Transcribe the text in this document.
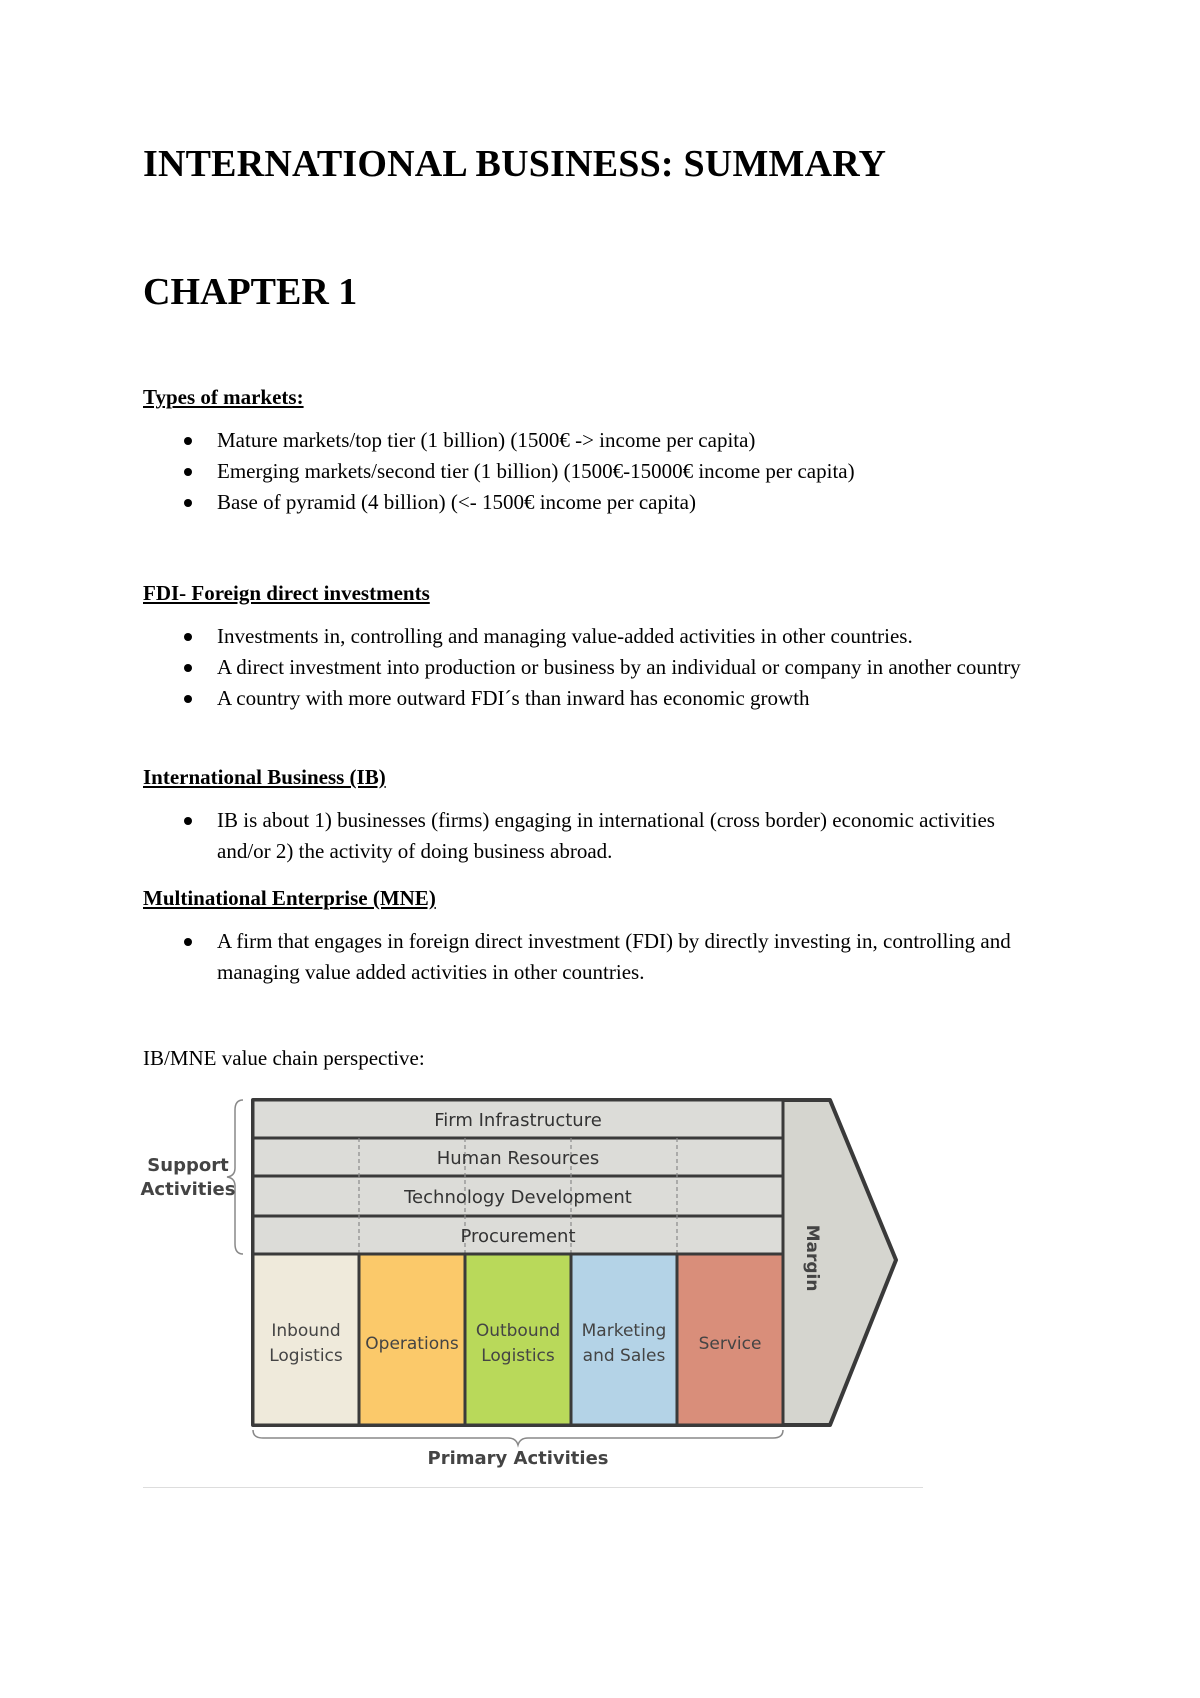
INTERNATIONAL BUSINESS: SUMMARY
CHAPTER 1

Types of markets:

Mature markets/top tier (1 billion) (1500€ -> income per capita)
Emerging markets/second tier (1 billion) (1500€-15000€ income per capita)
Base of pyramid (4 billion) (<- 1500€ income per capita)

FDI- Foreign direct investments

Investments in, controlling and managing value-added activities in other countries.
A direct investment into production or business by an individual or company in another country
A country with more outward FDI´s than inward has economic growth

International Business (IB)

IB is about 1) businesses (firms) engaging in international (cross border) economic activities and/or 2) the activity of doing business abroad.

Multinational Enterprise (MNE)

A firm that engages in foreign direct investment (FDI) by directly investing in, controlling and managing value added activities in other countries.

IB/MNE value chain perspective:

Firm Infrastructure
Human Resources
Technology Development
Procurement
Inbound
Logistics
Operations
Outbound
Logistics
Marketing
and Sales
Service
Margin
Support
Activities
Primary Activities
